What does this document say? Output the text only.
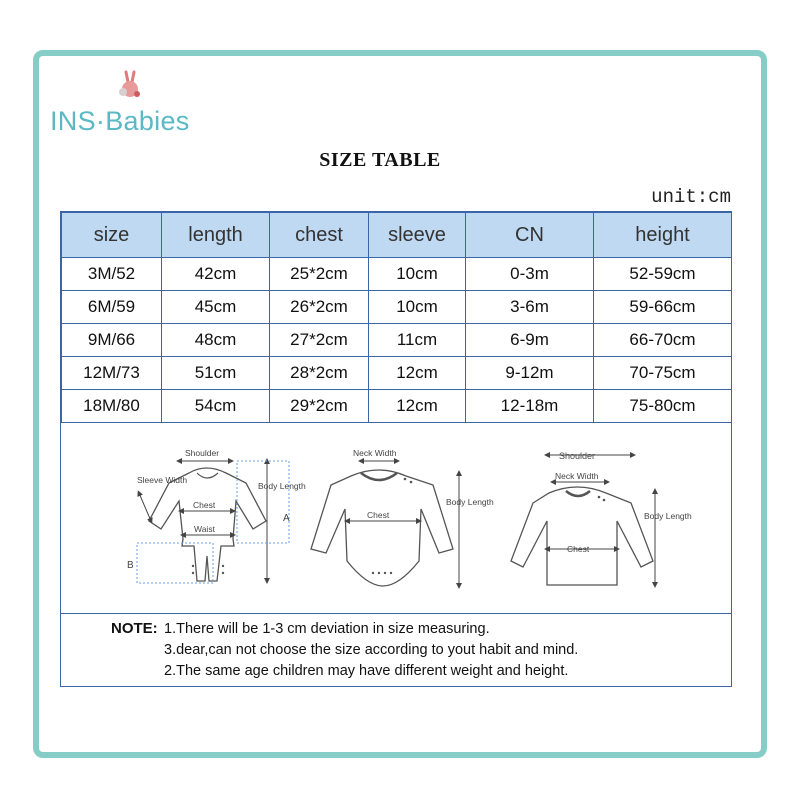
INS·Babies
SIZE TABLE
unit:cm
size	length	chest	sleeve	CN	height
3M/52	42cm	25*2cm	10cm	0-3m	52-59cm
6M/59	45cm	26*2cm	10cm	3-6m	59-66cm
9M/66	48cm	27*2cm	11cm	6-9m	66-70cm
12M/73	51cm	28*2cm	12cm	9-12m	70-75cm
18M/80	54cm	29*2cm	12cm	12-18m	75-80cm
Shoulder
Sleeve Width
Chest
Waist
Body Length
A
B
Neck Width
Chest
Body Length
Shoulder
Neck Width
Chest
Body Length
NOTE: 1.There will be 1-3 cm deviation in size measuring.
3.dear,can not choose the size according to yout habit and mind.
2.The same age children may have different weight and height.
